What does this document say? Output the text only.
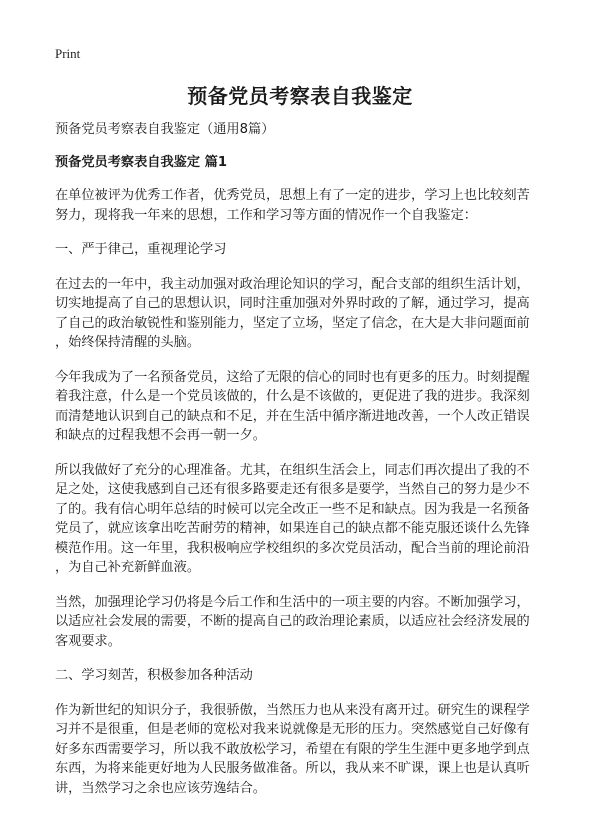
Print
预备党员考察表自我鉴定
预备党员考察表自我鉴定（通用8篇）
预备党员考察表自我鉴定 篇1
在单位被评为优秀工作者，优秀党员，思想上有了一定的进步，学习上也比较刻苦
努力，现将我一年来的思想，工作和学习等方面的情况作一个自我鉴定：
一、严于律己，重视理论学习
在过去的一年中，我主动加强对政治理论知识的学习，配合支部的组织生活计划，
切实地提高了自己的思想认识，同时注重加强对外界时政的了解，通过学习，提高
了自己的政治敏锐性和鉴别能力，坚定了立场，坚定了信念，在大是大非问题面前
，始终保持清醒的头脑。
今年我成为了一名预备党员，这给了无限的信心的同时也有更多的压力。时刻提醒
着我注意，什么是一个党员该做的，什么是不该做的，更促进了我的进步。我深刻
而清楚地认识到自己的缺点和不足，并在生活中循序渐进地改善，一个人改正错误
和缺点的过程我想不会再一朝一夕。
所以我做好了充分的心理准备。尤其，在组织生活会上，同志们再次提出了我的不
足之处，这使我感到自己还有很多路要走还有很多是要学，当然自己的努力是少不
了的。我有信心明年总结的时候可以完全改正一些不足和缺点。因为我是一名预备
党员了，就应该拿出吃苦耐劳的精神，如果连自己的缺点都不能克服还谈什么先锋
模范作用。这一年里，我积极响应学校组织的多次党员活动，配合当前的理论前沿
，为自己补充新鲜血液。
当然，加强理论学习仍将是今后工作和生活中的一项主要的内容。不断加强学习，
以适应社会发展的需要，不断的提高自己的政治理论素质，以适应社会经济发展的
客观要求。
二、学习刻苦，积极参加各种活动
作为新世纪的知识分子，我很骄傲，当然压力也从来没有离开过。研究生的课程学
习并不是很重，但是老师的宽松对我来说就像是无形的压力。突然感觉自己好像有
好多东西需要学习，所以我不敢放松学习，希望在有限的学生生涯中更多地学到点
东西，为将来能更好地为人民服务做准备。所以，我从来不旷课，课上也是认真听
讲，当然学习之余也应该劳逸结合。
